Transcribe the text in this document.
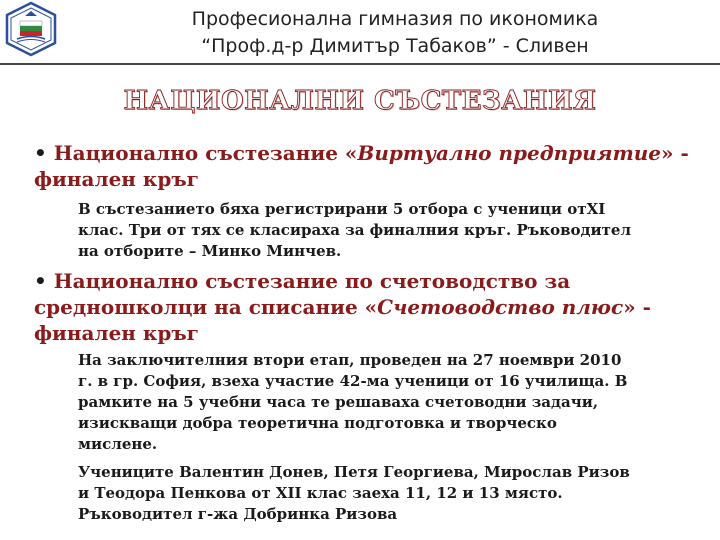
Професионална гимназия по икономика
“Проф.д-р Димитър Табаков” - Сливен
НАЦИОНАЛНИ СЪСТЕЗАНИЯ
• Национално състезание «Виртуално предприятие» -
финален кръг
В състезанието бяха регистрирани 5 отбора с ученици отXI
клас. Три от тях се класираха за финалния кръг. Ръководител
на отборите – Минко Минчев.
• Национално състезание по счетоводство за
средношколци на списание «Счетоводство плюс» -
финален кръг
На заключителния втори етап, проведен на 27 ноември 2010
г. в гр. София, взеха участие 42-ма ученици от 16 училища. В
рамките на 5 учебни часа те решаваха счетоводни задачи,
изискващи добра теоретична подготовка и творческо
мислене.
Учениците Валентин Донев, Петя Георгиева, Мирослав Ризов
и Теодора Пенкова от XII клас заеха 11, 12 и 13 място.
Ръководител г-жа Добринка Ризова
